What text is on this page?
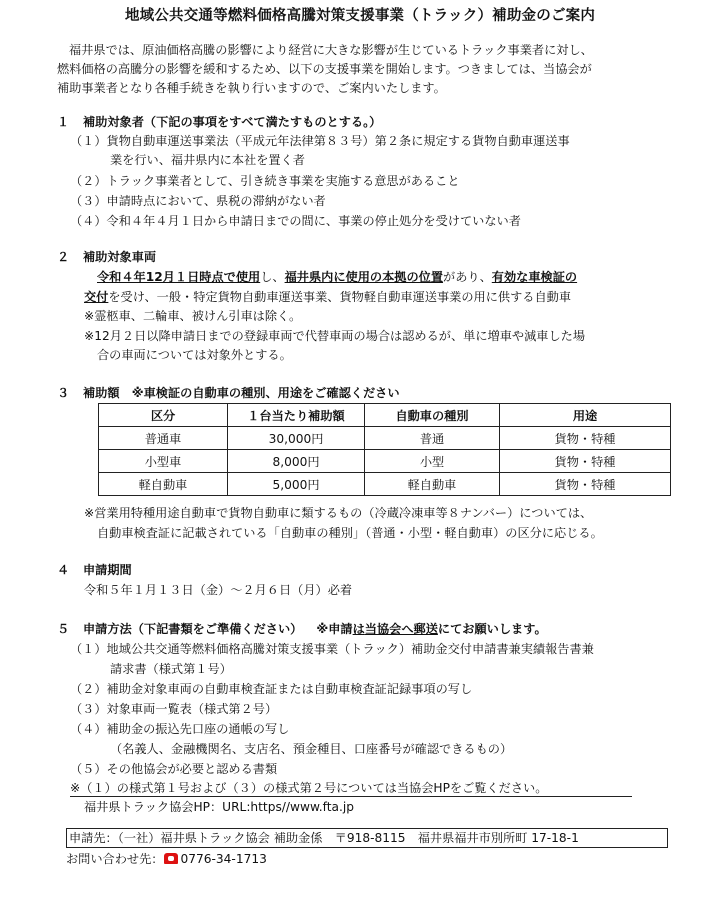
地域公共交通等燃料価格高騰対策支援事業（トラック）補助金のご案内

福井県では、原油価格高騰の影響により経営に大きな影響が生じているトラック事業者に対し、

燃料価格の高騰分の影響を緩和するため、以下の支援事業を開始します。つきましては、当協会が

補助事業者となり各種手続きを執り行いますので、ご案内いたします。

１ 補助対象者（下記の事項をすべて満たすものとする。）
（１）貨物自動車運送事業法（平成元年法律第８３号）第２条に規定する貨物自動車運送事
業を行い、福井県内に本社を置く者
（２）トラック事業者として、引き続き事業を実施する意思があること
（３）申請時点において、県税の滞納がない者
（４）令和４年４月１日から申請日までの間に、事業の停止処分を受けていない者
２ 補助対象車両
令和４年12月１日時点で使用し、福井県内に使用の本拠の位置があり、有効な車検証の
交付を受け、一般・特定貨物自動車運送事業、貨物軽自動車運送事業の用に供する自動車
※霊柩車、二輪車、被けん引車は除く。
※12月２日以降申請日までの登録車両で代替車両の場合は認めるが、単に増車や減車した場
合の車両については対象外とする。
３ 補助額　※車検証の自動車の種別、用途をご確認ください
区分	１台当たり補助額	自動車の種別	用途
普通車	30,000円	普通	貨物・特種
小型車	8,000円	小型	貨物・特種
軽自動車	5,000円	軽自動車	貨物・特種
※営業用特種用途自動車で貨物自動車に類するもの（冷蔵冷凍車等８ナンバー）については、
自動車検査証に記載されている「自動車の種別」（普通・小型・軽自動車）の区分に応じる。
４ 申請期間
令和５年１月１３日（金）～２月６日（月）必着
５ 申請方法（下記書類をご準備ください） ※申請は当協会へ郵送にてお願いします。
（１）地域公共交通等燃料価格高騰対策支援事業（トラック）補助金交付申請書兼実績報告書兼
請求書（様式第１号）
（２）補助金対象車両の自動車検査証または自動車検査証記録事項の写し
（３）対象車両一覧表（様式第２号）
（４）補助金の振込先口座の通帳の写し
（名義人、金融機関名、支店名、預金種目、口座番号が確認できるもの）
（５）その他協会が必要と認める書類
※（１）の様式第１号および（３）の様式第２号については当協会HPをご覧ください。
福井県トラック協会HP：URL:https//www.fta.jp
申請先：（一社）福井県トラック協会 補助金係　〒918-8115　福井県福井市別所町 17-18-1
お問い合わせ先： 0776-34-1713
